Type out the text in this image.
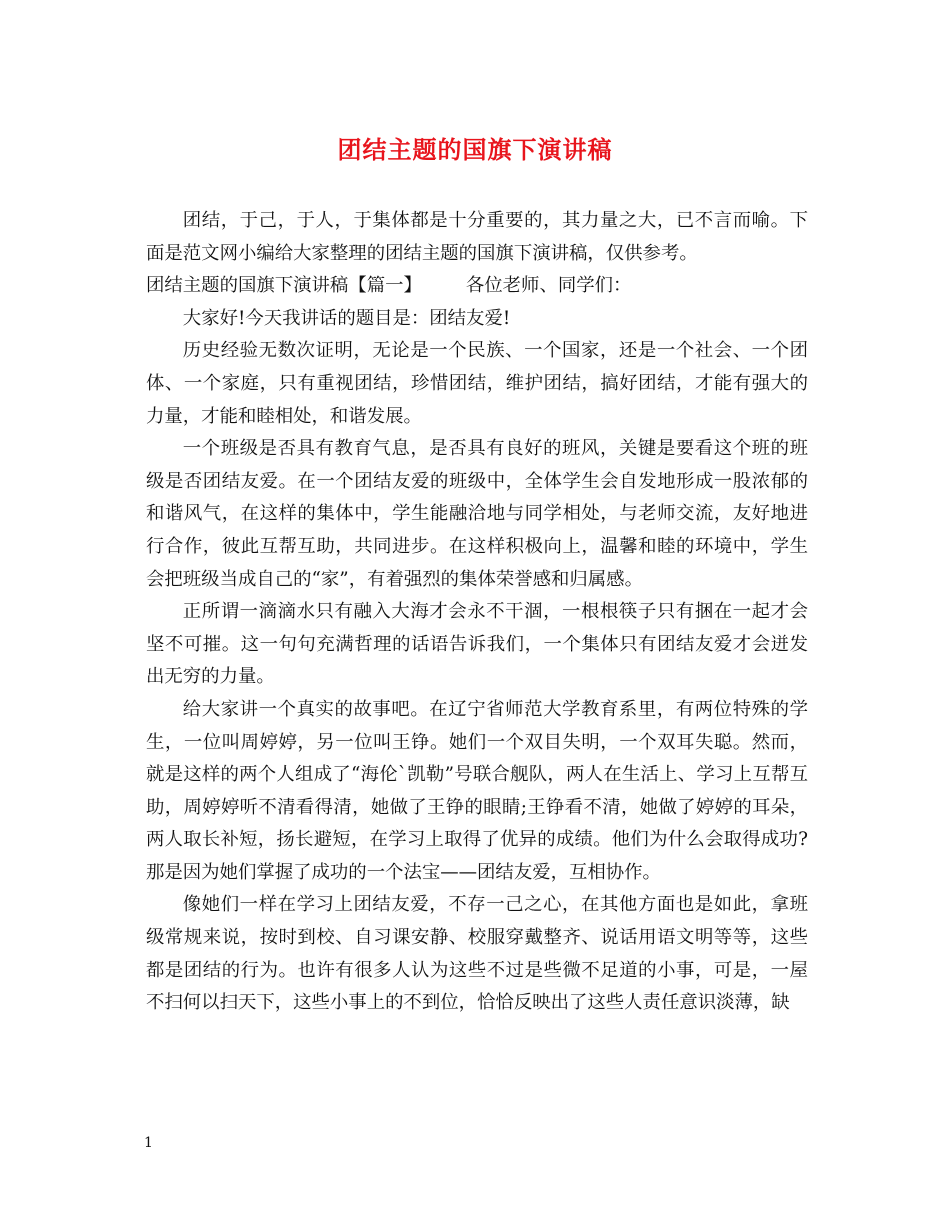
团结主题的国旗下演讲稿

团结，于己，于人，于集体都是十分重要的，其力量之大，已不言而喻。下面是范文网小编给大家整理的团结主题的国旗下演讲稿，仅供参考。

团结主题的国旗下演讲稿【篇一】 各位老师、同学们：

大家好!今天我讲话的题目是：团结友爱!

历史经验无数次证明，无论是一个民族、一个国家，还是一个社会、一个团体、一个家庭，只有重视团结，珍惜团结，维护团结，搞好团结，才能有强大的力量，才能和睦相处，和谐发展。

一个班级是否具有教育气息，是否具有良好的班风，关键是要看这个班的班级是否团结友爱。在一个团结友爱的班级中，全体学生会自发地形成一股浓郁的和谐风气，在这样的集体中，学生能融洽地与同学相处，与老师交流，友好地进行合作，彼此互帮互助，共同进步。在这样积极向上，温馨和睦的环境中，学生会把班级当成自己的“家”，有着强烈的集体荣誉感和归属感。

正所谓一滴滴水只有融入大海才会永不干涸，一根根筷子只有捆在一起才会坚不可摧。这一句句充满哲理的话语告诉我们，一个集体只有团结友爱才会迸发出无穷的力量。

给大家讲一个真实的故事吧。在辽宁省师范大学教育系里，有两位特殊的学生，一位叫周婷婷，另一位叫王铮。她们一个双目失明，一个双耳失聪。然而，就是这样的两个人组成了“海伦`凯勒”号联合舰队，两人在生活上、学习上互帮互助，周婷婷听不清看得清，她做了王铮的眼睛;王铮看不清，她做了婷婷的耳朵，两人取长补短，扬长避短，在学习上取得了优异的成绩。他们为什么会取得成功?那是因为她们掌握了成功的一个法宝——团结友爱，互相协作。

像她们一样在学习上团结友爱，不存一己之心，在其他方面也是如此，拿班级常规来说，按时到校、自习课安静、校服穿戴整齐、说话用语文明等等，这些都是团结的行为。也许有很多人认为这些不过是些微不足道的小事，可是，一屋不扫何以扫天下，这些小事上的不到位，恰恰反映出了这些人责任意识淡薄，缺

1
